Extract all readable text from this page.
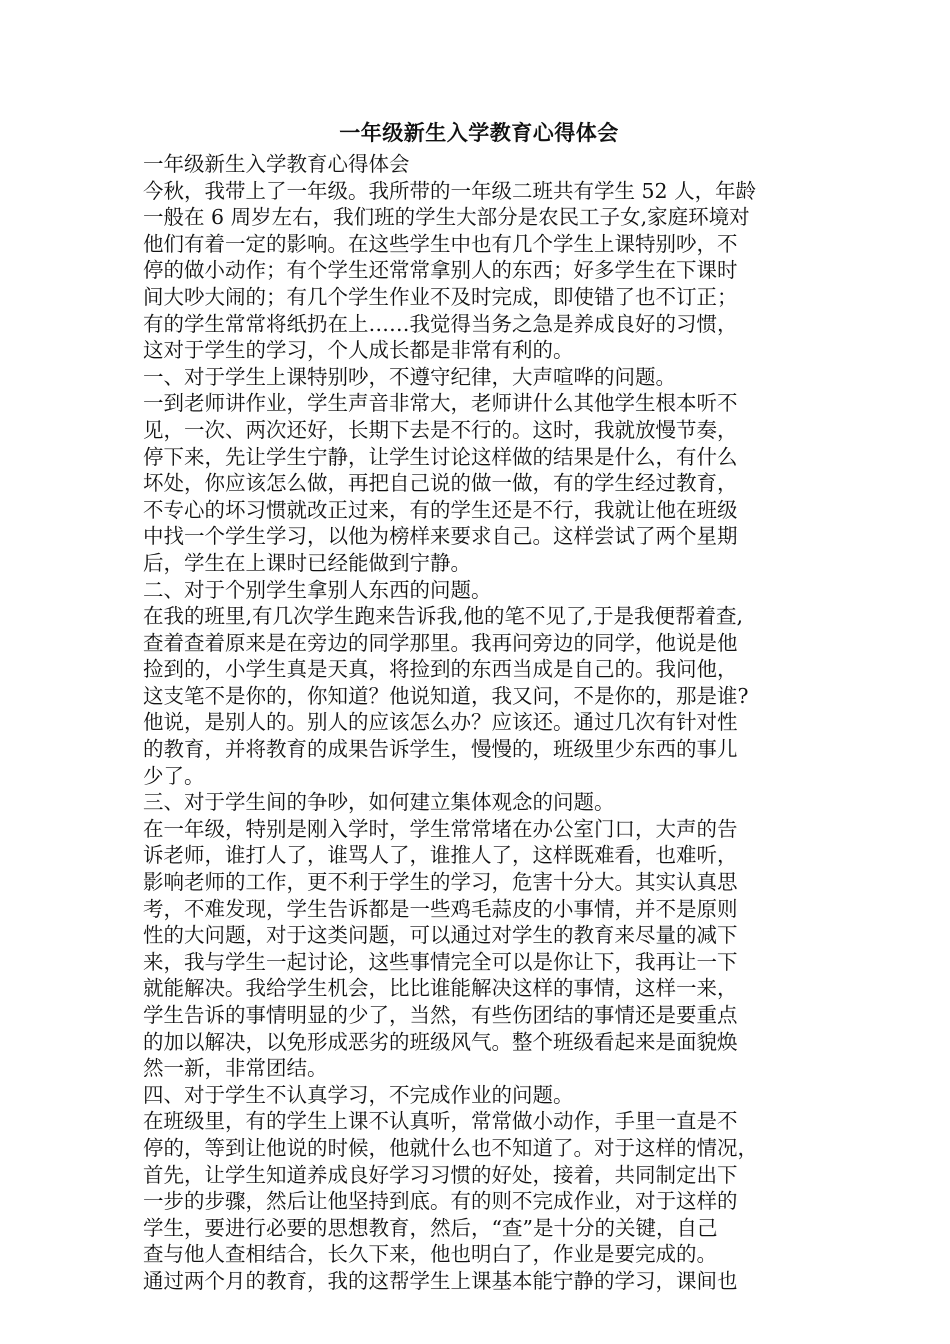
一年级新生入学教育心得体会
一年级新生入学教育心得体会
今秋，我带上了一年级。我所带的一年级二班共有学生 52 人，年龄
一般在 6 周岁左右，我们班的学生大部分是农民工子女,家庭环境对
他们有着一定的影响。在这些学生中也有几个学生上课特别吵，不
停的做小动作；有个学生还常常拿别人的东西；好多学生在下课时
间大吵大闹的；有几个学生作业不及时完成，即使错了也不订正；
有的学生常常将纸扔在上……我觉得当务之急是养成良好的习惯，
这对于学生的学习，个人成长都是非常有利的。
一、对于学生上课特别吵，不遵守纪律，大声喧哗的问题。
一到老师讲作业，学生声音非常大，老师讲什么其他学生根本听不
见，一次、两次还好，长期下去是不行的。这时，我就放慢节奏，
停下来，先让学生宁静，让学生讨论这样做的结果是什么，有什么
坏处，你应该怎么做，再把自己说的做一做，有的学生经过教育，
不专心的坏习惯就改正过来，有的学生还是不行，我就让他在班级
中找一个学生学习，以他为榜样来要求自己。这样尝试了两个星期
后，学生在上课时已经能做到宁静。
二、对于个别学生拿别人东西的问题。
在我的班里,有几次学生跑来告诉我,他的笔不见了,于是我便帮着查,
查着查着原来是在旁边的同学那里。我再问旁边的同学，他说是他
捡到的，小学生真是天真，将捡到的东西当成是自己的。我问他，
这支笔不是你的，你知道？他说知道，我又问，不是你的，那是谁?
他说，是别人的。别人的应该怎么办？应该还。通过几次有针对性
的教育，并将教育的成果告诉学生，慢慢的，班级里少东西的事儿
少了。
三、对于学生间的争吵，如何建立集体观念的问题。
在一年级，特别是刚入学时，学生常常堵在办公室门口，大声的告
诉老师，谁打人了，谁骂人了，谁推人了，这样既难看，也难听，
影响老师的工作，更不利于学生的学习，危害十分大。其实认真思
考，不难发现，学生告诉都是一些鸡毛蒜皮的小事情，并不是原则
性的大问题，对于这类问题，可以通过对学生的教育来尽量的减下
来，我与学生一起讨论，这些事情完全可以是你让下，我再让一下
就能解决。我给学生机会，比比谁能解决这样的事情，这样一来，
学生告诉的事情明显的少了，当然，有些伤团结的事情还是要重点
的加以解决，以免形成恶劣的班级风气。整个班级看起来是面貌焕
然一新，非常团结。
四、对于学生不认真学习，不完成作业的问题。
在班级里，有的学生上课不认真听，常常做小动作，手里一直是不
停的，等到让他说的时候，他就什么也不知道了。对于这样的情况，
首先，让学生知道养成良好学习习惯的好处，接着，共同制定出下
一步的步骤，然后让他坚持到底。有的则不完成作业，对于这样的
学生，要进行必要的思想教育，然后，“查”是十分的关键，自己
查与他人查相结合，长久下来，他也明白了，作业是要完成的。
通过两个月的教育，我的这帮学生上课基本能宁静的学习，课间也
